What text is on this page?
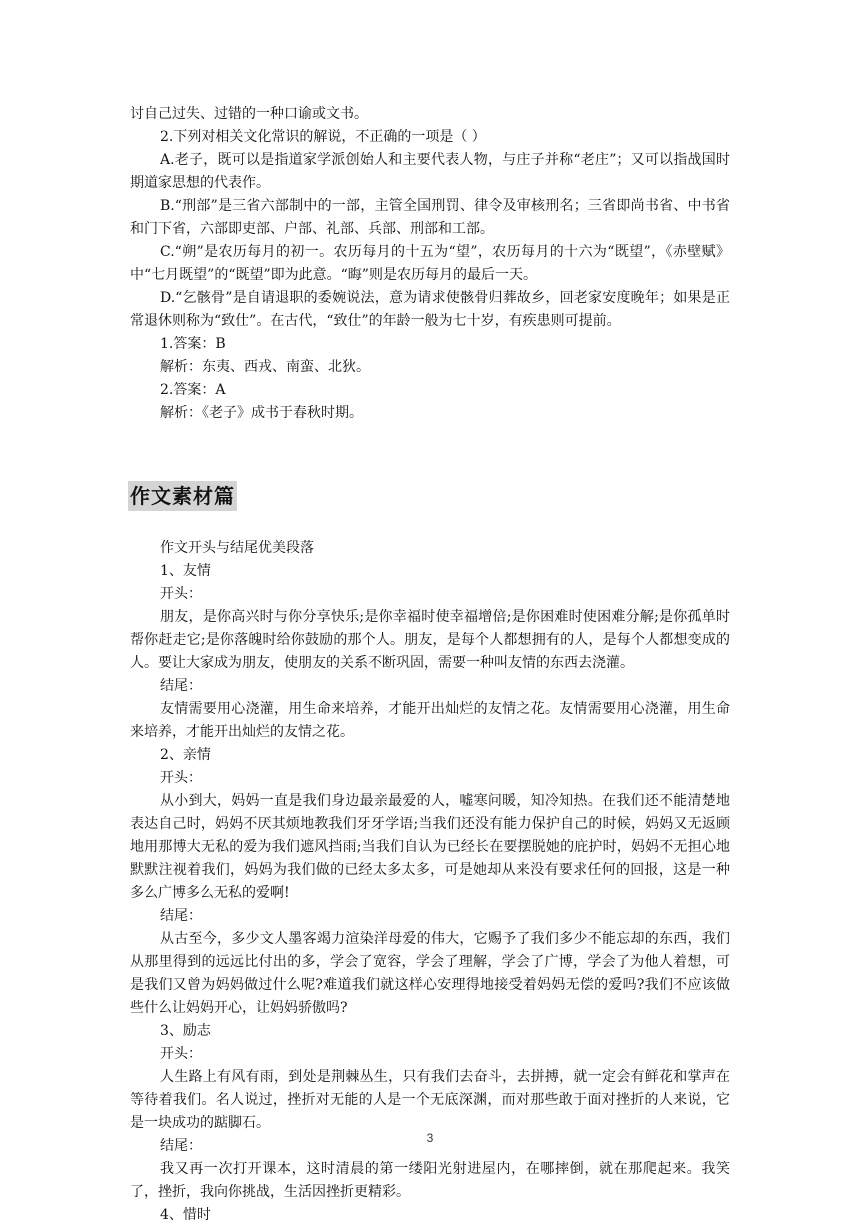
讨自己过失、过错的一种口谕或文书。

2.下列对相关文化常识的解说，不正确的一项是（ ）

A.老子，既可以是指道家学派创始人和主要代表人物，与庄子并称“老庄”；又可以指战国时期道家思想的代表作。

B.“刑部”是三省六部制中的一部，主管全国刑罚、律令及审核刑名；三省即尚书省、中书省和门下省，六部即吏部、户部、礼部、兵部、刑部和工部。

C.“朔”是农历每月的初一。农历每月的十五为“望”，农历每月的十六为“既望”，《赤壁赋》中“七月既望”的“既望”即为此意。“晦”则是农历每月的最后一天。

D.“乞骸骨”是自请退职的委婉说法，意为请求使骸骨归葬故乡，回老家安度晚年；如果是正常退休则称为“致仕”。在古代，“致仕”的年龄一般为七十岁，有疾患则可提前。

1.答案：B

解析：东夷、西戎、南蛮、北狄。

2.答案：A

解析：《老子》成书于春秋时期。

作文素材篇

作文开头与结尾优美段落

1、友情

开头：

朋友，是你高兴时与你分享快乐;是你幸福时使幸福增倍;是你困难时使困难分解;是你孤单时帮你赶走它;是你落魄时给你鼓励的那个人。朋友，是每个人都想拥有的人，是每个人都想变成的人。要让大家成为朋友，使朋友的关系不断巩固，需要一种叫友情的东西去浇灌。

结尾：

友情需要用心浇灌，用生命来培养，才能开出灿烂的友情之花。友情需要用心浇灌，用生命来培养，才能开出灿烂的友情之花。

2、亲情

开头：

从小到大，妈妈一直是我们身边最亲最爱的人，嘘寒问暖，知冷知热。在我们还不能清楚地表达自己时，妈妈不厌其烦地教我们牙牙学语;当我们还没有能力保护自己的时候，妈妈又无返顾地用那博大无私的爱为我们遮风挡雨;当我们自认为已经长在要摆脱她的庇护时，妈妈不无担心地默默注视着我们，妈妈为我们做的已经太多太多，可是她却从来没有要求任何的回报，这是一种多么广博多么无私的爱啊!

结尾：

从古至今，多少文人墨客竭力渲染洋母爱的伟大，它赐予了我们多少不能忘却的东西，我们从那里得到的远远比付出的多，学会了宽容，学会了理解，学会了广博，学会了为他人着想，可是我们又曾为妈妈做过什么呢?难道我们就这样心安理得地接受着妈妈无偿的爱吗?我们不应该做些什么让妈妈开心，让妈妈骄傲吗?

3、励志

开头：

人生路上有风有雨，到处是荆棘丛生，只有我们去奋斗，去拼搏，就一定会有鲜花和掌声在等待着我们。名人说过，挫折对无能的人是一个无底深渊，而对那些敢于面对挫折的人来说，它是一块成功的踮脚石。

结尾：

我又再一次打开课本，这时清晨的第一缕阳光射进屋内，在哪摔倒，就在那爬起来。我笑了，挫折，我向你挑战，生活因挫折更精彩。

4、惜时

3
